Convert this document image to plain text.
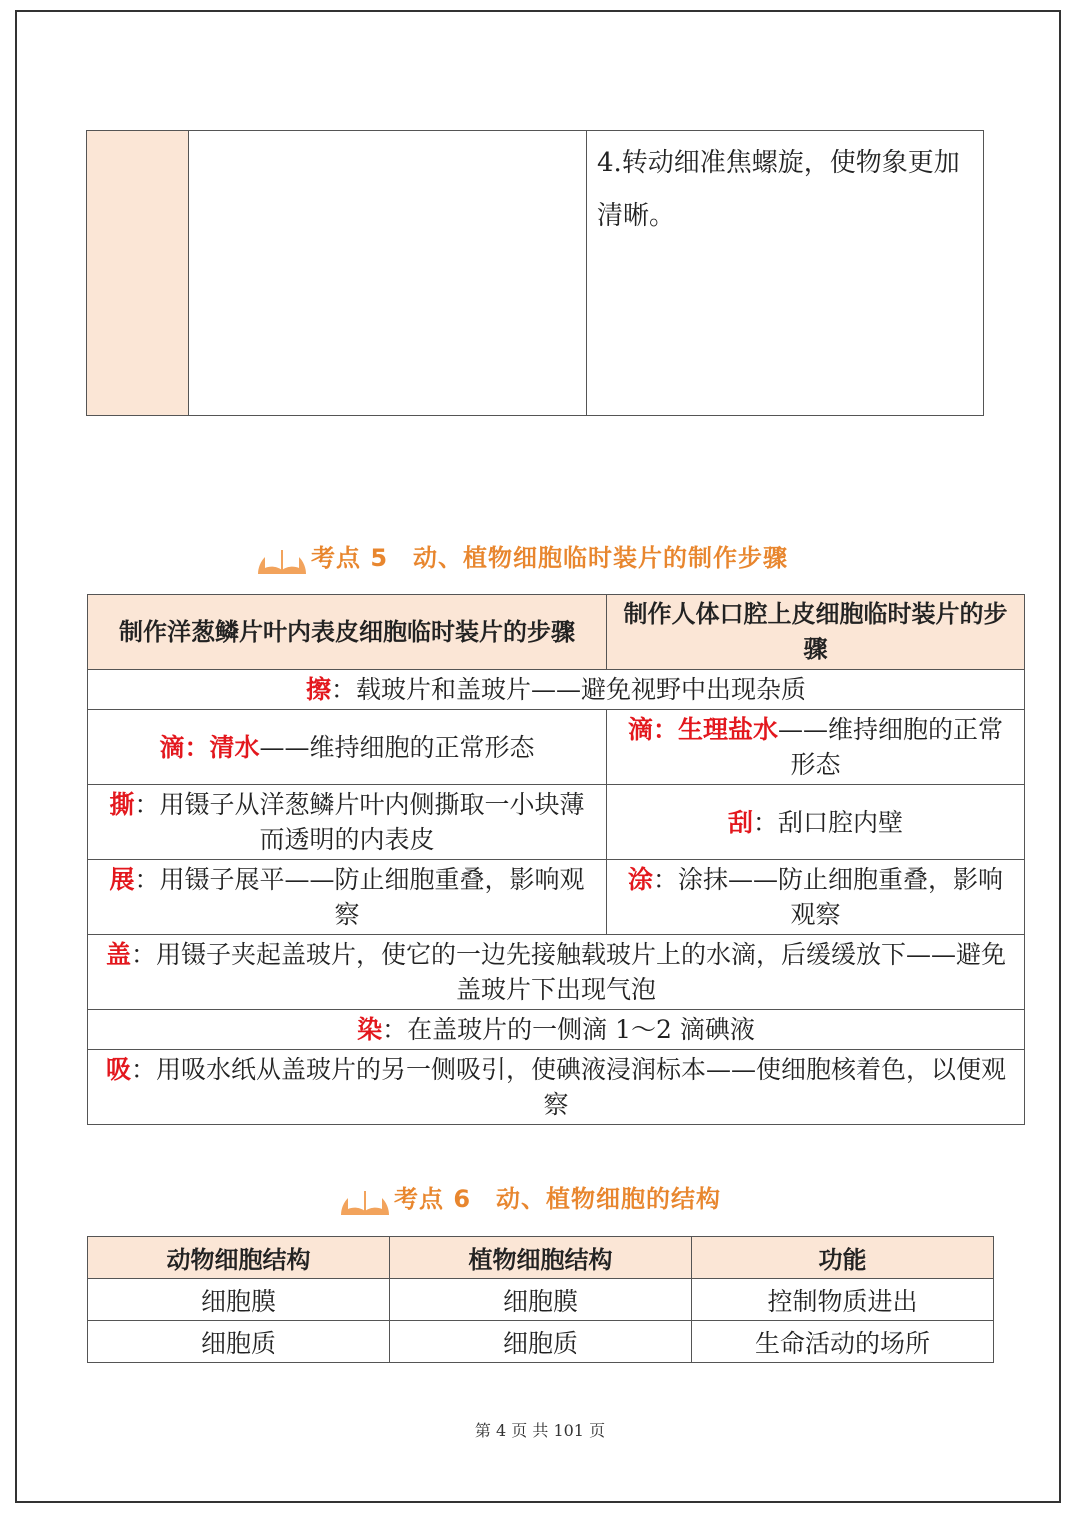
		4.转动细准焦螺旋，使物象更加清晰。
考点 5　动、植物细胞临时装片的制作步骤
制作洋葱鳞片叶内表皮细胞临时装片的步骤	制作人体口腔上皮细胞临时装片的步骤
擦：载玻片和盖玻片——避免视野中出现杂质	
滴：清水——维持细胞的正常形态	滴：生理盐水——维持细胞的正常形态
撕：用镊子从洋葱鳞片叶内侧撕取一小块薄而透明的内表皮	刮：刮口腔内壁
展：用镊子展平——防止细胞重叠，影响观察	涂：涂抹——防止细胞重叠，影响观察
盖：用镊子夹起盖玻片，使它的一边先接触载玻片上的水滴，后缓缓放下——避免盖玻片下出现气泡	
染：在盖玻片的一侧滴 1～2 滴碘液	
吸：用吸水纸从盖玻片的另一侧吸引，使碘液浸润标本——使细胞核着色，以便观察	
考点 6　动、植物细胞的结构
动物细胞结构	植物细胞结构	功能
细胞膜	细胞膜	控制物质进出
细胞质	细胞质	生命活动的场所
第 4 页 共 101 页
